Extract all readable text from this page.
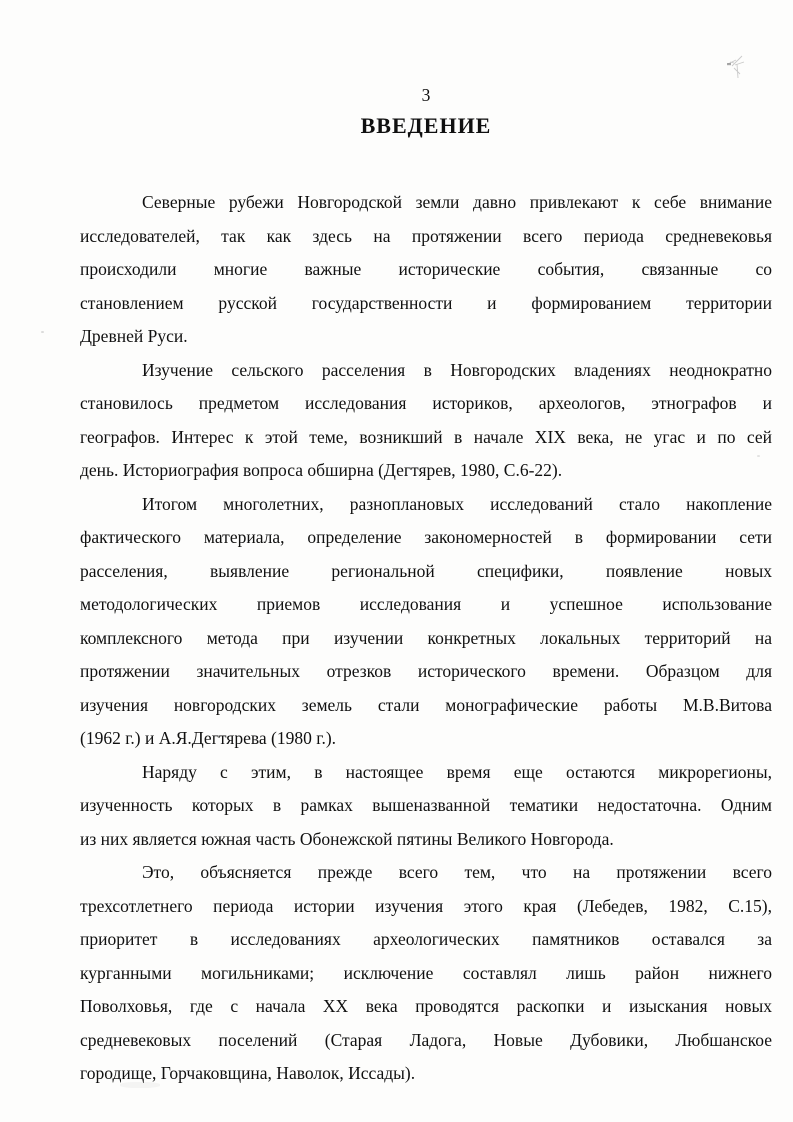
3
ВВЕДЕНИЕ
Северные рубежи Новгородской земли давно привлекают к себе внимание
исследователей, так как здесь на протяжении всего периода средневековья
происходили многие важные исторические события, связанные со
становлением русской государственности и формированием территории
Древней Руси.
Изучение сельского расселения в Новгородских владениях неоднократно
становилось предметом исследования историков, археологов, этнографов и
географов. Интерес к этой теме, возникший в начале XIX века, не угас и по сей
день. Историография вопроса обширна (Дегтярев, 1980, С.6-22).
Итогом многолетних, разноплановых исследований стало накопление
фактического материала, определение закономерностей в формировании сети
расселения, выявление региональной специфики, появление новых
методологических приемов исследования и успешное использование
комплексного метода при изучении конкретных локальных территорий на
протяжении значительных отрезков исторического времени. Образцом для
изучения новгородских земель стали монографические работы М.В.Витова
(1962 г.) и А.Я.Дегтярева (1980 г.).
Наряду с этим, в настоящее время еще остаются микрорегионы,
изученность которых в рамках вышеназванной тематики недостаточна. Одним
из них является южная часть Обонежской пятины Великого Новгорода.
Это, объясняется прежде всего тем, что на протяжении всего
трехсотлетнего периода истории изучения этого края (Лебедев, 1982, С.15),
приоритет в исследованиях археологических памятников оставался за
курганными могильниками; исключение составлял лишь район нижнего
Поволховья, где с начала XX века проводятся раскопки и изыскания новых
средневековых поселений (Старая Ладога, Новые Дубовики, Любшанское
городище, Горчаковщина, Наволок, Иссады).
